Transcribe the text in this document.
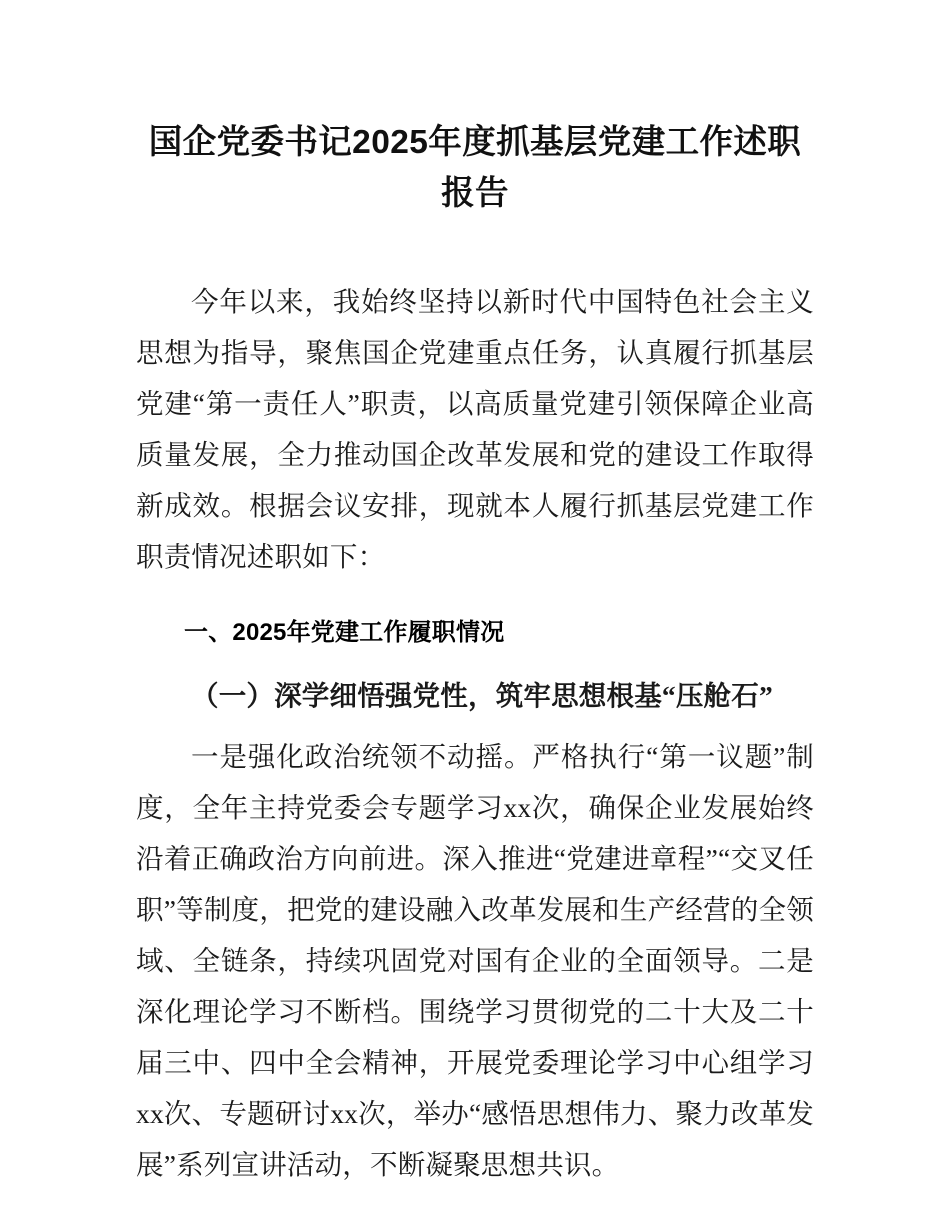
国企党委书记2025年度抓基层党建工作述职报告

今年以来，我始终坚持以新时代中国特色社会主义思想为指导，聚焦国企党建重点任务，认真履行抓基层党建“第一责任人”职责，以高质量党建引领保障企业高质量发展，全力推动国企改革发展和党的建设工作取得新成效。根据会议安排，现就本人履行抓基层党建工作职责情况述职如下：

一、2025年党建工作履职情况
（一）深学细悟强党性，筑牢思想根基“压舱石”

一是强化政治统领不动摇。严格执行“第一议题”制度，全年主持党委会专题学习xx次，确保企业发展始终沿着正确政治方向前进。深入推进“党建进章程”“交叉任职”等制度，把党的建设融入改革发展和生产经营的全领域、全链条，持续巩固党对国有企业的全面领导。二是深化理论学习不断档。围绕学习贯彻党的二十大及二十届三中、四中全会精神，开展党委理论学习中心组学习xx次、专题研讨xx次，举办“感悟思想伟力、聚力改革发展”系列宣讲活动，不断凝聚思想共识。
